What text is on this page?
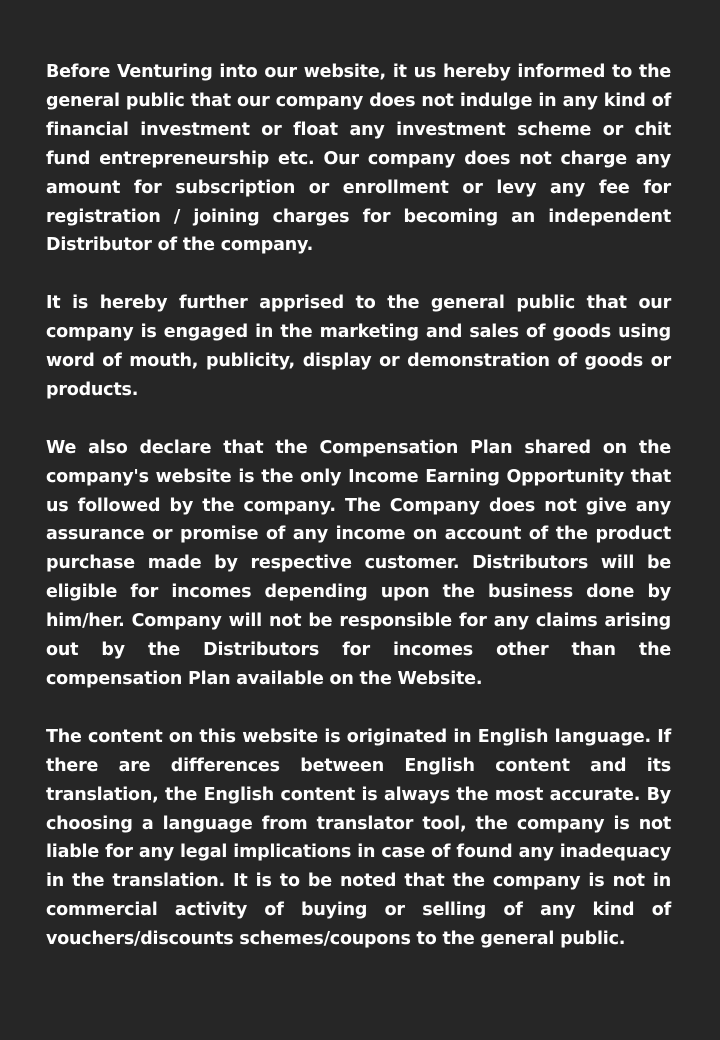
Before Venturing into our website, it us hereby informed to the general public that our company does not indulge in any kind of financial investment or float any investment scheme or chit fund entrepreneurship etc. Our company does not charge any amount for subscription or enrollment or levy any fee for registration / joining charges for becoming an independent Distributor of the company.

It is hereby further apprised to the general public that our company is engaged in the marketing and sales of goods using word of mouth, publicity, display or demonstration of goods or products.

We also declare that the Compensation Plan shared on the company's website is the only Income Earning Opportunity that us followed by the company. The Company does not give any assurance or promise of any income on account of the product purchase made by respective customer. Distributors will be eligible for incomes depending upon the business done by him/her. Company will not be responsible for any claims arising out by the Distributors for incomes other than the compensation Plan available on the Website.

The content on this website is originated in English language. If there are differences between English content and its translation, the English content is always the most accurate. By choosing a language from translator tool, the company is not liable for any legal implications in case of found any inadequacy in the translation. It is to be noted that the company is not in commercial activity of buying or selling of any kind of vouchers/discounts schemes/coupons to the general public.
